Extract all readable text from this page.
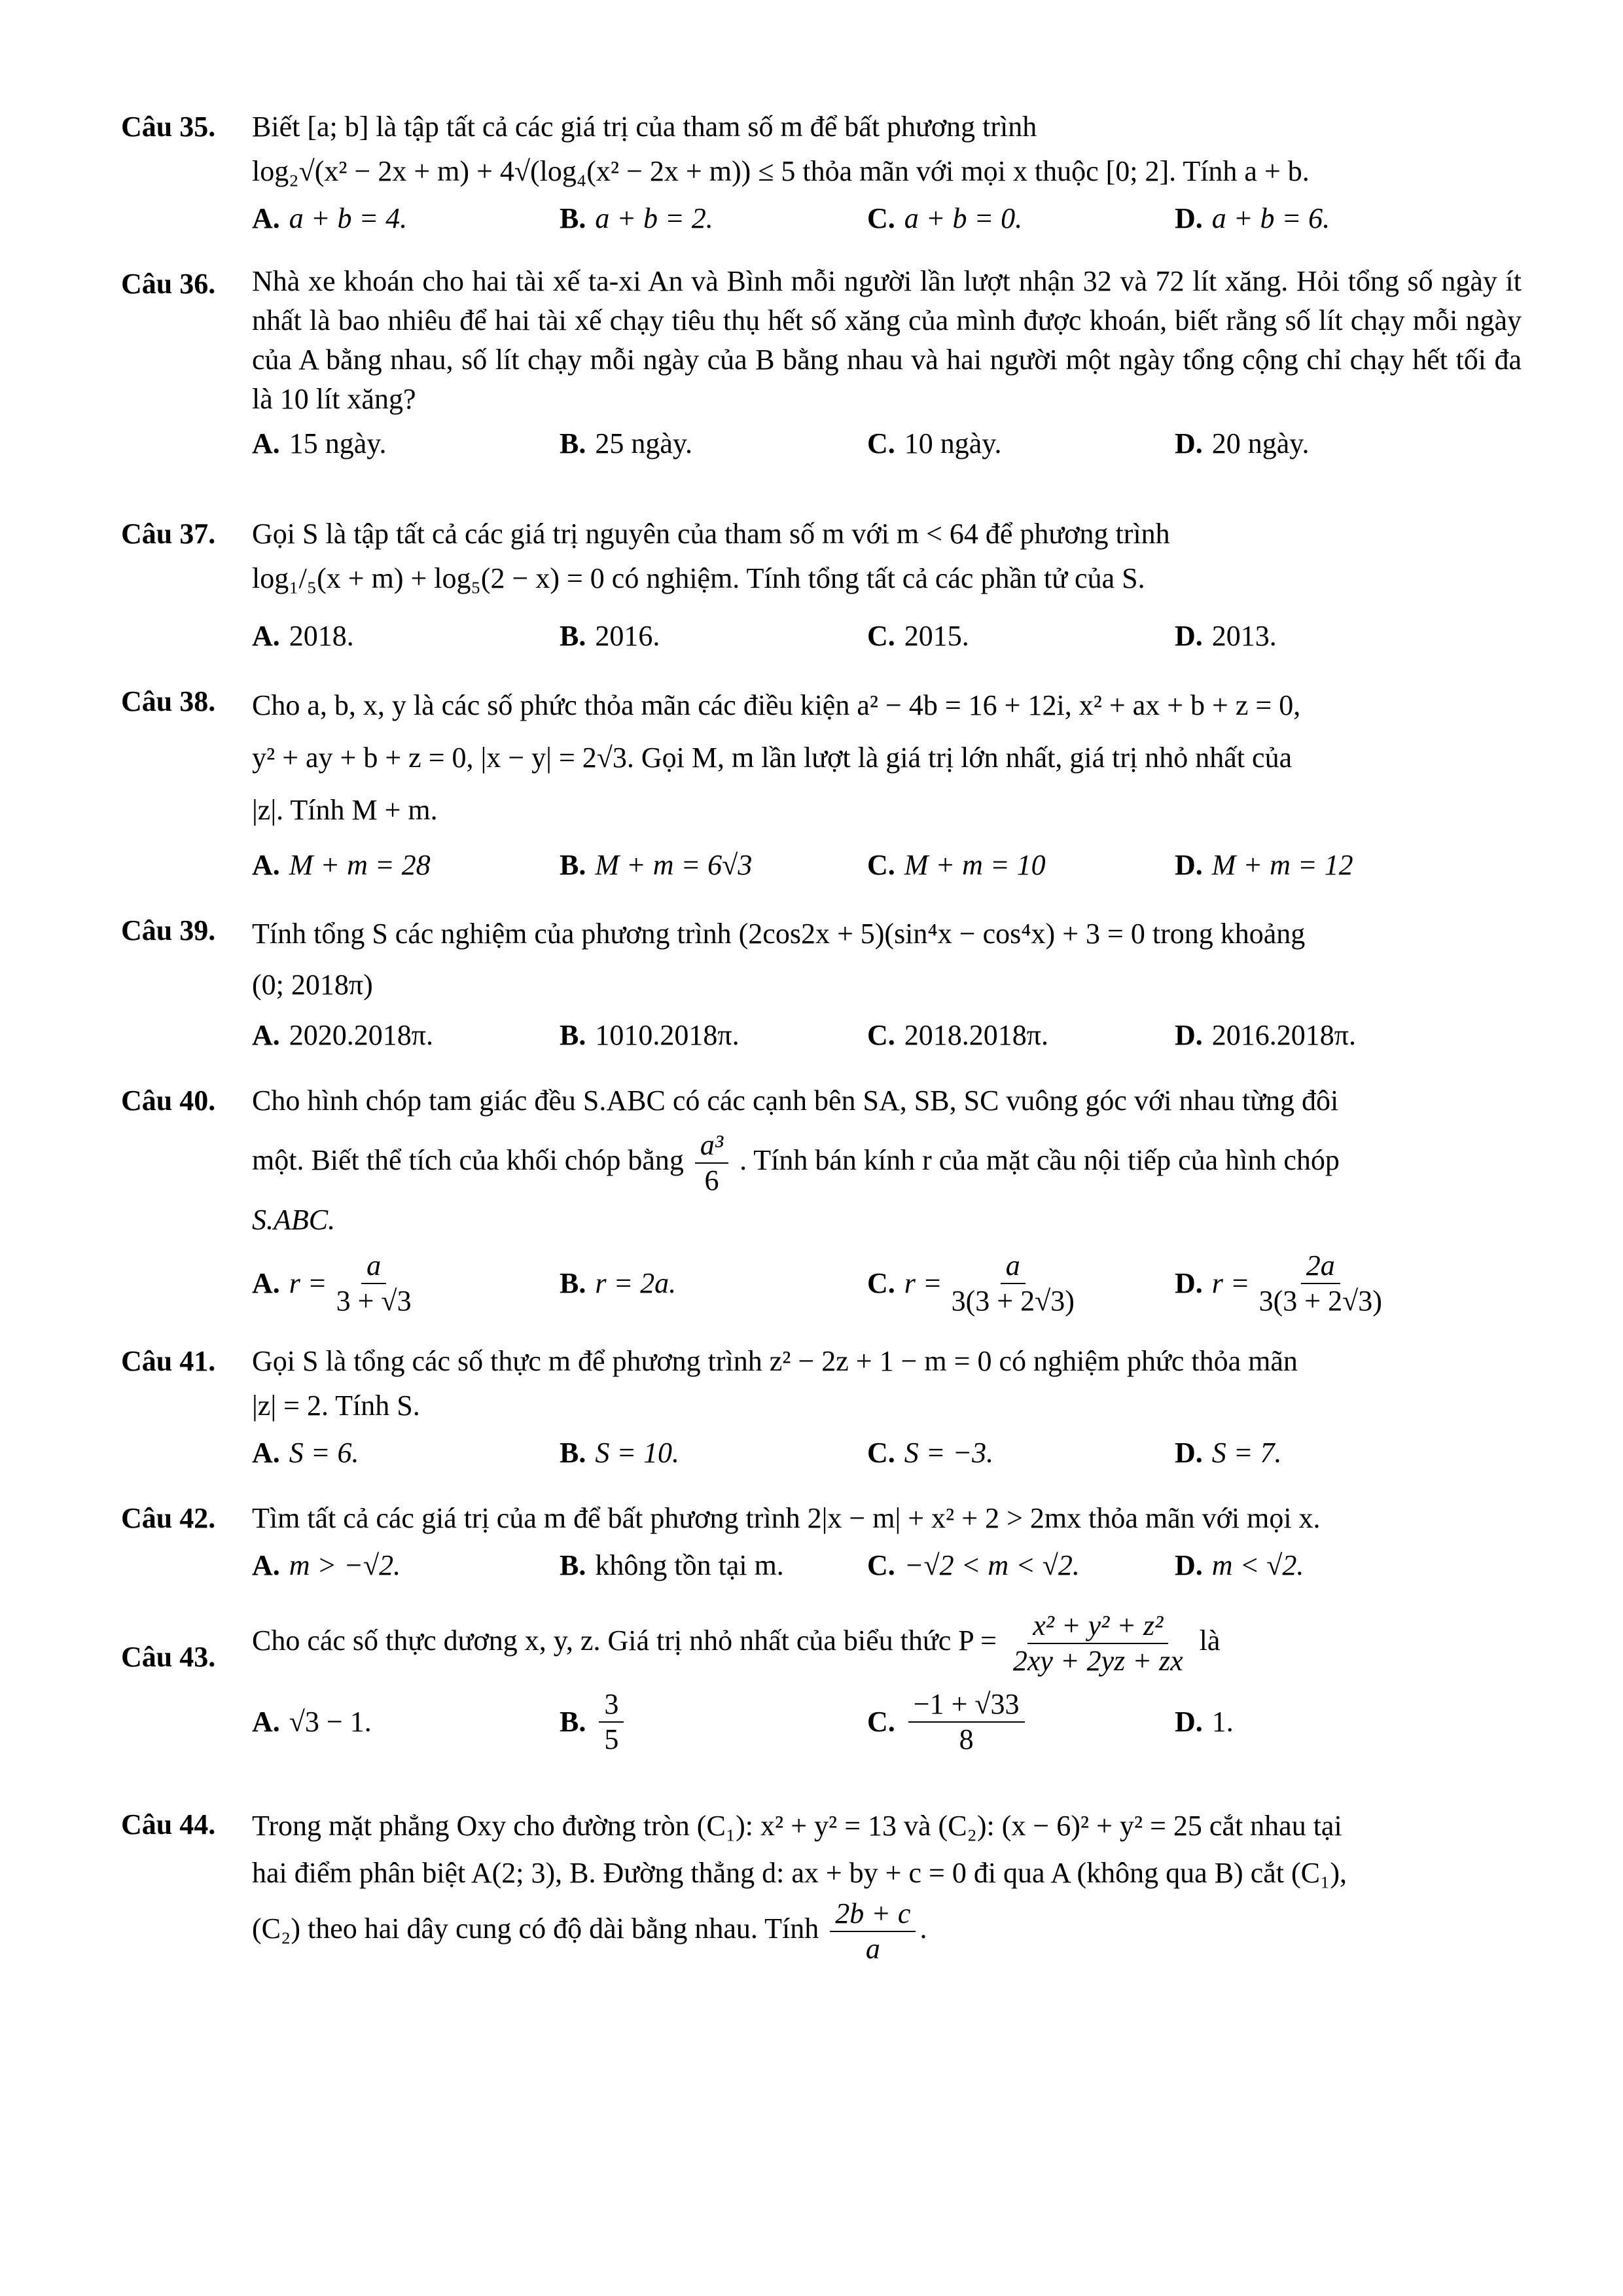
Câu 35. Biết [a; b] là tập tất cả các giá trị của tham số m để bất phương trình
log₂√(x² − 2x + m) + 4√(log₄(x² − 2x + m)) ≤ 5 thỏa mãn với mọi x thuộc [0; 2]. Tính a + b.
A. a + b = 4.	B. a + b = 2.	C. a + b = 0.	D. a + b = 6.
Câu 36. Nhà xe khoán cho hai tài xế ta-xi An và Bình mỗi người lần lượt nhận 32 và 72 lít xăng. Hỏi tổng số ngày ít nhất là bao nhiêu để hai tài xế chạy tiêu thụ hết số xăng của mình được khoán, biết rằng số lít chạy mỗi ngày của A bằng nhau, số lít chạy mỗi ngày của B bằng nhau và hai người một ngày tổng cộng chỉ chạy hết tối đa là 10 lít xăng?
A. 15 ngày.	B. 25 ngày.	C. 10 ngày.	D. 20 ngày.
Câu 37. Gọi S là tập tất cả các giá trị nguyên của tham số m với m < 64 để phương trình
log₁/₅(x + m) + log₅(2 − x) = 0 có nghiệm. Tính tổng tất cả các phần tử của S.
A. 2018.	B. 2016.	C. 2015.	D. 2013.
Câu 38. Cho a, b, x, y là các số phức thỏa mãn các điều kiện a² − 4b = 16 + 12i, x² + ax + b + z = 0,
y² + ay + b + z = 0, |x − y| = 2√3. Gọi M, m lần lượt là giá trị lớn nhất, giá trị nhỏ nhất của
|z|. Tính M + m.
A. M + m = 28	B. M + m = 6√3	C. M + m = 10	D. M + m = 12
Câu 39. Tính tổng S các nghiệm của phương trình (2cos2x + 5)(sin⁴x − cos⁴x) + 3 = 0 trong khoảng
(0; 2018π)
A. 2020.2018π.	B. 1010.2018π.	C. 2018.2018π.	D. 2016.2018π.
Câu 40. Cho hình chóp tam giác đều S.ABC có các cạnh bên SA, SB, SC vuông góc với nhau từng đôi
một. Biết thể tích của khối chóp bằng $\frac{\text{a³}}{6}$ . Tính bán kính r của mặt cầu nội tiếp của hình chóp
S.ABC.
A. $r = \frac{a}{3 + √3}$	B. r = 2a.	C. $r = \frac{a}{3(3 + 2√3)}$	D. $r = \frac{2a}{3(3 + 2√3)}$
Câu 41. Gọi S là tổng các số thực m để phương trình z² − 2z + 1 − m = 0 có nghiệm phức thỏa mãn
|z| = 2. Tính S.
A. S = 6.	B. S = 10.	C. S = −3.	D. S = 7.
Câu 42. Tìm tất cả các giá trị của m để bất phương trình 2|x − m| + x² + 2 > 2mx thỏa mãn với mọi x.
A. m > −√2.	B. không tồn tại m.	C. −√2 < m < √2.	D. m < √2.
Câu 43.
Cho các số thực dương x, y, z. Giá trị nhỏ nhất của biểu thức $P = \frac{\text{x² + y² + z²}}{2xy + 2yz + zx}$ là
A. √3 − 1.	B. $\frac{3}{5}$	C. $\frac{-1 + √33}{8}$	D. 1.
Câu 44. Trong mặt phẳng Oxy cho đường tròn (C₁): x² + y² = 13 và (C₂): (x − 6)² + y² = 25 cắt nhau tại
hai điểm phân biệt A(2; 3), B. Đường thẳng d: ax + by + c = 0 đi qua A (không qua B) cắt (C₁),
(C₂) theo hai dây cung có độ dài bằng nhau. Tính $\frac{2b + c}{a}$ .
